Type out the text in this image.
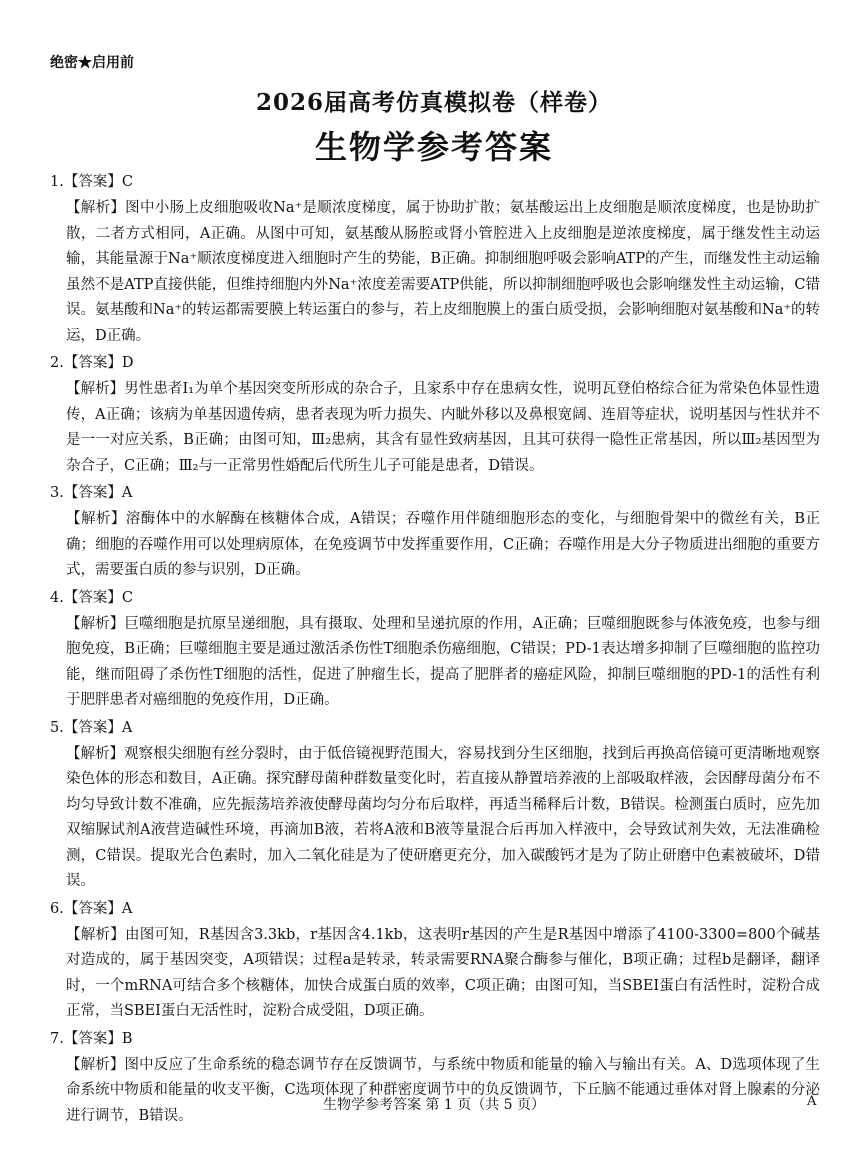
绝密★启用前
2026届高考仿真模拟卷（样卷）
生物学参考答案
1.【答案】C
【解析】图中小肠上皮细胞吸收Na⁺是顺浓度梯度，属于协助扩散；氨基酸运出上皮细胞是顺浓度梯度，也是协助扩散，二者方式相同，A正确。从图中可知，氨基酸从肠腔或肾小管腔进入上皮细胞是逆浓度梯度，属于继发性主动运输，其能量源于Na⁺顺浓度梯度进入细胞时产生的势能，B正确。抑制细胞呼吸会影响ATP的产生，而继发性主动运输虽然不是ATP直接供能，但维持细胞内外Na⁺浓度差需要ATP供能，所以抑制细胞呼吸也会影响继发性主动运输，C错误。氨基酸和Na⁺的转运都需要膜上转运蛋白的参与，若上皮细胞膜上的蛋白质受损，会影响细胞对氨基酸和Na⁺的转运，D正确。
2.【答案】D
【解析】男性患者Ⅰ₁为单个基因突变所形成的杂合子，且家系中存在患病女性，说明瓦登伯格综合征为常染色体显性遗传，A正确；该病为单基因遗传病，患者表现为听力损失、内眦外移以及鼻根宽阔、连眉等症状，说明基因与性状并不是一一对应关系，B正确；由图可知，Ⅲ₂患病，其含有显性致病基因，且其可获得一隐性正常基因，所以Ⅲ₂基因型为杂合子，C正确；Ⅲ₂与一正常男性婚配后代所生儿子可能是患者，D错误。
3.【答案】A
【解析】溶酶体中的水解酶在核糖体合成，A错误；吞噬作用伴随细胞形态的变化，与细胞骨架中的微丝有关，B正确；细胞的吞噬作用可以处理病原体，在免疫调节中发挥重要作用，C正确；吞噬作用是大分子物质进出细胞的重要方式，需要蛋白质的参与识别，D正确。
4.【答案】C
【解析】巨噬细胞是抗原呈递细胞，具有摄取、处理和呈递抗原的作用，A正确；巨噬细胞既参与体液免疫，也参与细胞免疫，B正确；巨噬细胞主要是通过激活杀伤性T细胞杀伤癌细胞，C错误；PD-1表达增多抑制了巨噬细胞的监控功能，继而阻碍了杀伤性T细胞的活性，促进了肿瘤生长，提高了肥胖者的癌症风险，抑制巨噬细胞的PD-1的活性有利于肥胖患者对癌细胞的免疫作用，D正确。
5.【答案】A
【解析】观察根尖细胞有丝分裂时，由于低倍镜视野范围大，容易找到分生区细胞，找到后再换高倍镜可更清晰地观察染色体的形态和数目，A正确。探究酵母菌种群数量变化时，若直接从静置培养液的上部吸取样液，会因酵母菌分布不均匀导致计数不准确，应先振荡培养液使酵母菌均匀分布后取样，再适当稀释后计数，B错误。检测蛋白质时，应先加双缩脲试剂A液营造碱性环境，再滴加B液，若将A液和B液等量混合后再加入样液中，会导致试剂失效，无法准确检测，C错误。提取光合色素时，加入二氧化硅是为了使研磨更充分，加入碳酸钙才是为了防止研磨中色素被破坏，D错误。
6.【答案】A
【解析】由图可知，R基因含3.3kb，r基因含4.1kb，这表明r基因的产生是R基因中增添了4100-3300=800个碱基对造成的，属于基因突变，A项错误；过程a是转录，转录需要RNA聚合酶参与催化，B项正确；过程b是翻译，翻译时，一个mRNA可结合多个核糖体，加快合成蛋白质的效率，C项正确；由图可知，当SBEI蛋白有活性时，淀粉合成正常，当SBEI蛋白无活性时，淀粉合成受阻，D项正确。
7.【答案】B
【解析】图中反应了生命系统的稳态调节存在反馈调节，与系统中物质和能量的输入与输出有关。A、D选项体现了生命系统中物质和能量的收支平衡，C选项体现了种群密度调节中的负反馈调节，下丘脑不能通过垂体对肾上腺素的分泌进行调节，B错误。
生物学参考答案 第 1 页（共 5 页）	A
